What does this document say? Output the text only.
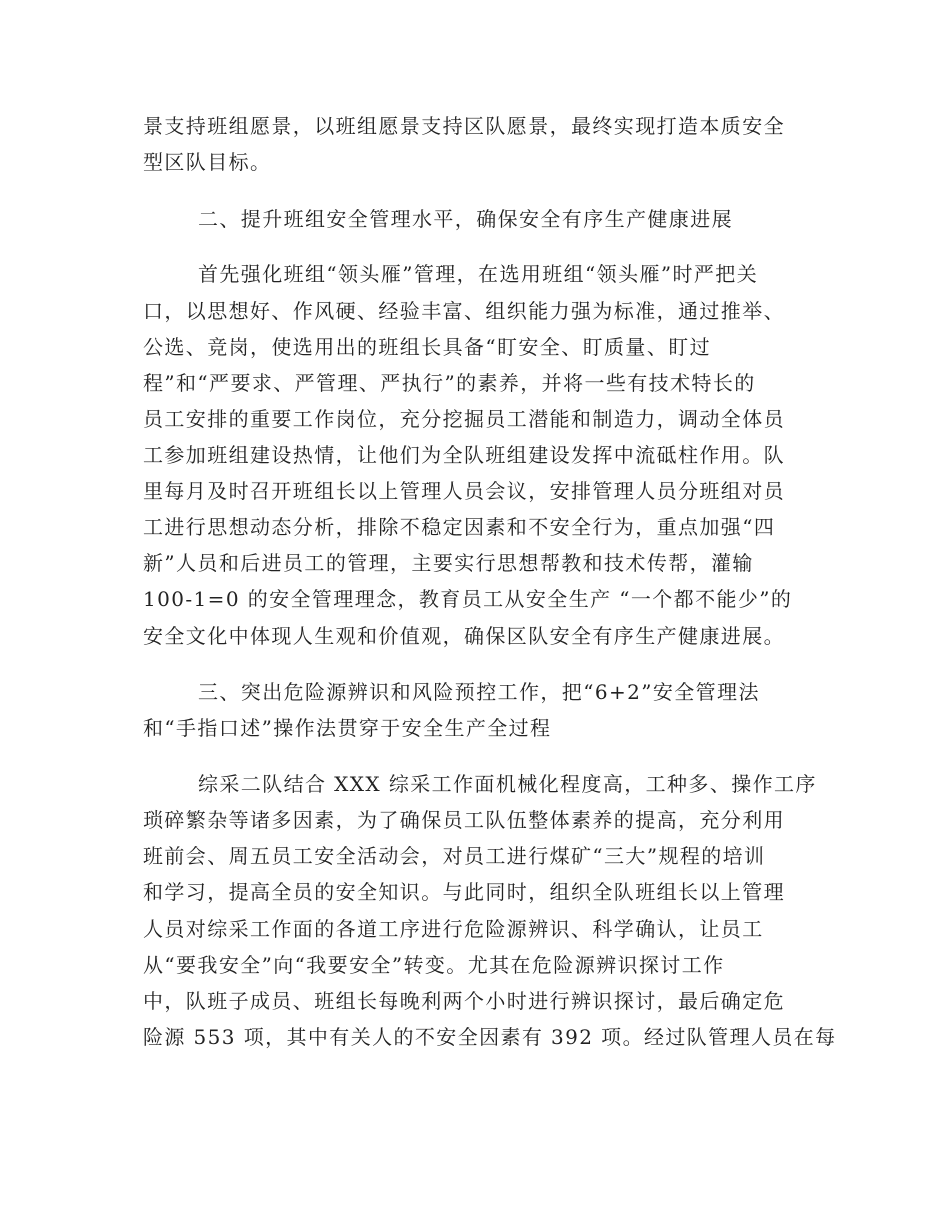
景支持班组愿景，以班组愿景支持区队愿景，最终实现打造本质安全
型区队目标。
二、提升班组安全管理水平，确保安全有序生产健康进展
首先强化班组“领头雁”管理，在选用班组“领头雁”时严把关
口，以思想好、作风硬、经验丰富、组织能力强为标准，通过推举、
公选、竞岗，使选用出的班组长具备“盯安全、盯质量、盯过
程”和“严要求、严管理、严执行”的素养，并将一些有技术特长的
员工安排的重要工作岗位，充分挖掘员工潜能和制造力，调动全体员
工参加班组建设热情，让他们为全队班组建设发挥中流砥柱作用。队
里每月及时召开班组长以上管理人员会议，安排管理人员分班组对员
工进行思想动态分析，排除不稳定因素和不安全行为，重点加强“四
新”人员和后进员工的管理，主要实行思想帮教和技术传帮，灌输
100-1=0 的安全管理理念，教育员工从安全生产 “一个都不能少”的
安全文化中体现人生观和价值观，确保区队安全有序生产健康进展。
三、突出危险源辨识和风险预控工作，把“6+2”安全管理法
和“手指口述”操作法贯穿于安全生产全过程
综采二队结合 XXX 综采工作面机械化程度高，工种多、操作工序
琐碎繁杂等诸多因素，为了确保员工队伍整体素养的提高，充分利用
班前会、周五员工安全活动会，对员工进行煤矿“三大”规程的培训
和学习，提高全员的安全知识。与此同时，组织全队班组长以上管理
人员对综采工作面的各道工序进行危险源辨识、科学确认，让员工
从“要我安全”向“我要安全”转变。尤其在危险源辨识探讨工作
中，队班子成员、班组长每晚利两个小时进行辨识探讨，最后确定危
险源 553 项，其中有关人的不安全因素有 392 项。经过队管理人员在每
